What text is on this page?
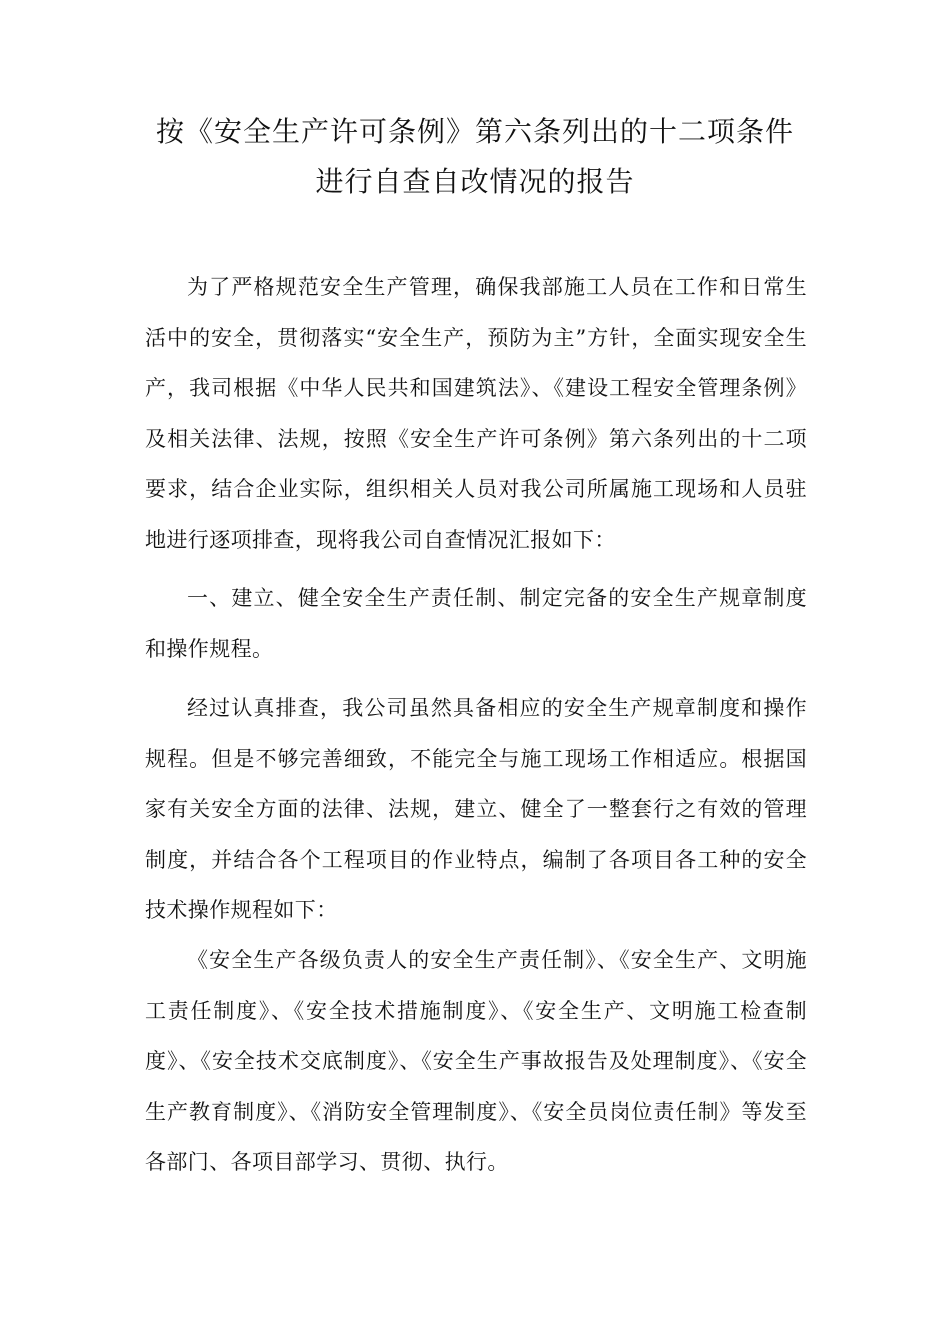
按《安全生产许可条例》第六条列出的十二项条件
进行自查自改情况的报告

为了严格规范安全生产管理，确保我部施工人员在工作和日常生活中的安全，贯彻落实“安全生产，预防为主”方针，全面实现安全生产，我司根据《中华人民共和国建筑法》、《建设工程安全管理条例》及相关法律、法规，按照《安全生产许可条例》第六条列出的十二项要求，结合企业实际，组织相关人员对我公司所属施工现场和人员驻地进行逐项排查，现将我公司自查情况汇报如下：

一、建立、健全安全生产责任制、制定完备的安全生产规章制度和操作规程。

经过认真排查，我公司虽然具备相应的安全生产规章制度和操作规程。但是不够完善细致，不能完全与施工现场工作相适应。根据国家有关安全方面的法律、法规，建立、健全了一整套行之有效的管理制度，并结合各个工程项目的作业特点，编制了各项目各工种的安全技术操作规程如下：

《安全生产各级负责人的安全生产责任制》、《安全生产、文明施工责任制度》、《安全技术措施制度》、《安全生产、文明施工检查制度》、《安全技术交底制度》、《安全生产事故报告及处理制度》、《安全生产教育制度》、《消防安全管理制度》、《安全员岗位责任制》等发至各部门、各项目部学习、贯彻、执行。
